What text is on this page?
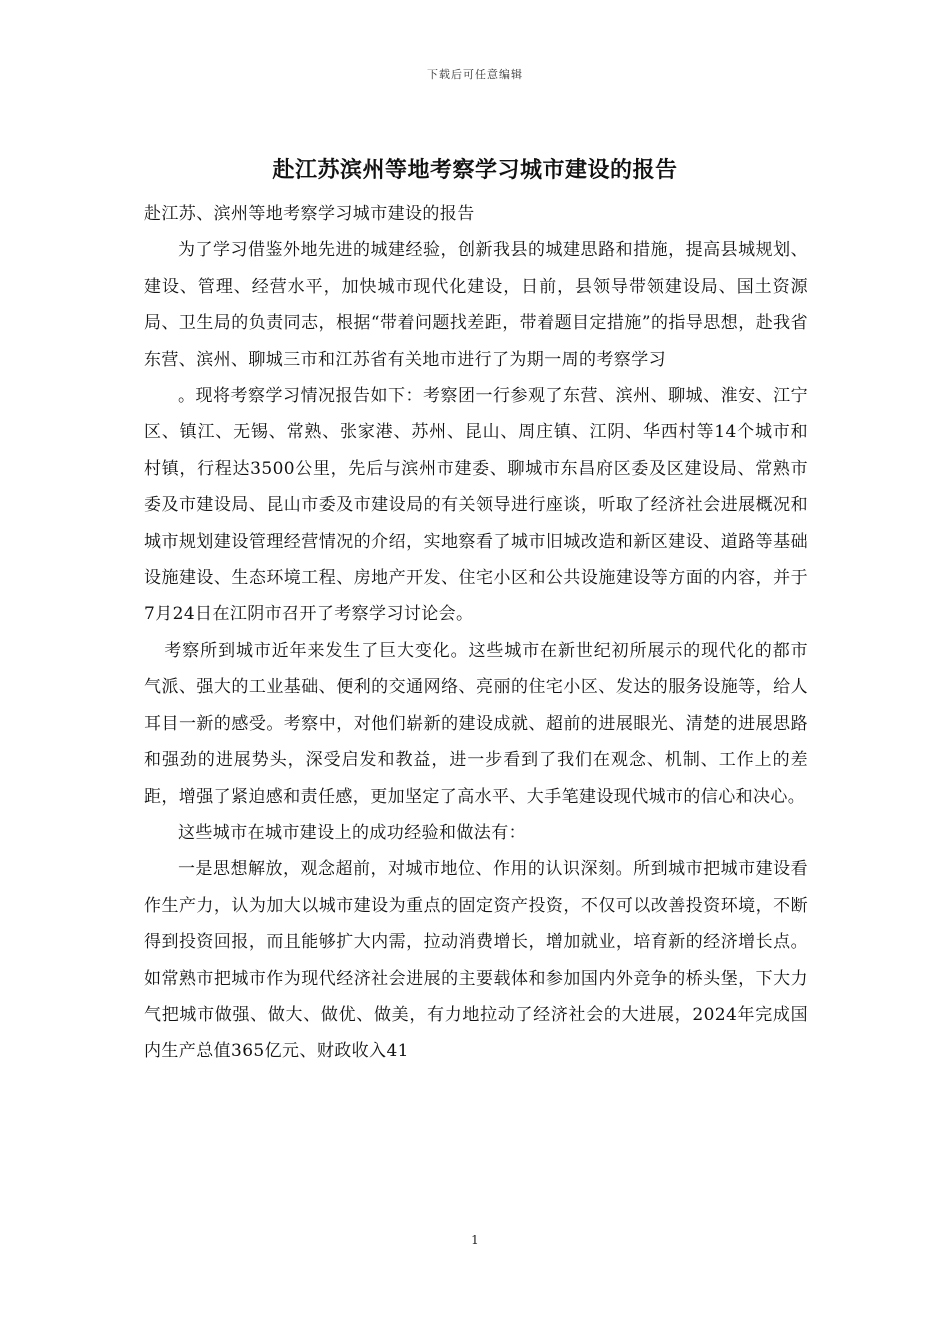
下载后可任意编辑
赴江苏滨州等地考察学习城市建设的报告

赴江苏、滨州等地考察学习城市建设的报告

为了学习借鉴外地先进的城建经验，创新我县的城建思路和措施，提高县城规划、建设、管理、经营水平，加快城市现代化建设，日前，县领导带领建设局、国土资源局、卫生局的负责同志，根据“带着问题找差距，带着题目定措施”的指导思想，赴我省东营、滨州、聊城三市和江苏省有关地市进行了为期一周的考察学习

。现将考察学习情况报告如下：考察团一行参观了东营、滨州、聊城、淮安、江宁区、镇江、无锡、常熟、张家港、苏州、昆山、周庄镇、江阴、华西村等14个城市和村镇，行程达3500公里，先后与滨州市建委、聊城市东昌府区委及区建设局、常熟市委及市建设局、昆山市委及市建设局的有关领导进行座谈，听取了经济社会进展概况和城市规划建设管理经营情况的介绍，实地察看了城市旧城改造和新区建设、道路等基础设施建设、生态环境工程、房地产开发、住宅小区和公共设施建设等方面的内容，并于7月24日在江阴市召开了考察学习讨论会。

考察所到城市近年来发生了巨大变化。这些城市在新世纪初所展示的现代化的都市气派、强大的工业基础、便利的交通网络、亮丽的住宅小区、发达的服务设施等，给人耳目一新的感受。考察中，对他们崭新的建设成就、超前的进展眼光、清楚的进展思路和强劲的进展势头，深受启发和教益，进一步看到了我们在观念、机制、工作上的差距，增强了紧迫感和责任感，更加坚定了高水平、大手笔建设现代城市的信心和决心。

这些城市在城市建设上的成功经验和做法有：

一是思想解放，观念超前，对城市地位、作用的认识深刻。所到城市把城市建设看作生产力，认为加大以城市建设为重点的固定资产投资，不仅可以改善投资环境，不断得到投资回报，而且能够扩大内需，拉动消费增长，增加就业，培育新的经济增长点。如常熟市把城市作为现代经济社会进展的主要载体和参加国内外竞争的桥头堡，下大力气把城市做强、做大、做优、做美，有力地拉动了经济社会的大进展，2024年完成国内生产总值365亿元、财政收入41

1
